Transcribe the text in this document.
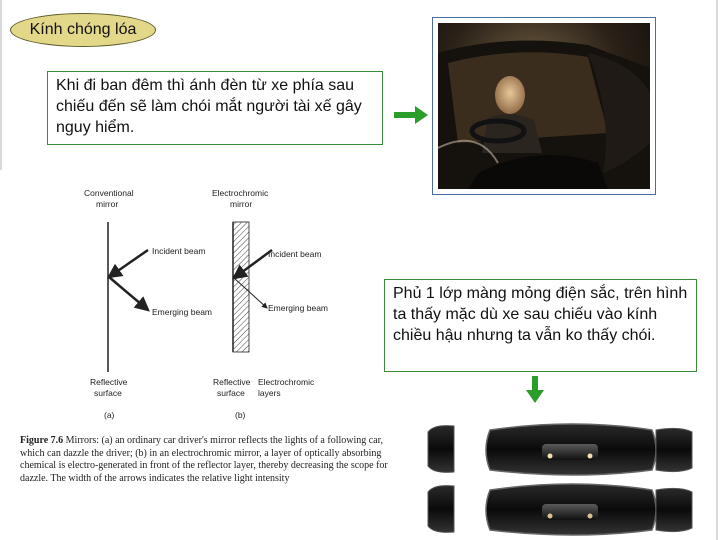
Kính chóng lóa
Khi đi ban đêm thì ánh đèn từ xe phía sau chiếu đến sẽ làm chói mắt người tài xế gây nguy hiểm.
Conventional
mirror
Incident beam
Emerging beam
Reflective
surface
(a)
Electrochromic
mirror
Incident beam
Emerging beam
Reflective
surface
Electrochromic
layers
(b)
Figure 7.6 Mirrors: (a) an ordinary car driver's mirror reflects the lights of a following car, which can dazzle the driver; (b) in an electrochromic mirror, a layer of optically absorbing chemical is electro-generated in front of the reflector layer, thereby decreasing the scope for dazzle. The width of the arrows indicates the relative light intensity
Phủ 1 lớp màng mỏng điện sắc, trên hình ta thấy mặc dù xe sau chiếu vào kính chiều hậu nhưng ta vẫn ko thấy chói.
